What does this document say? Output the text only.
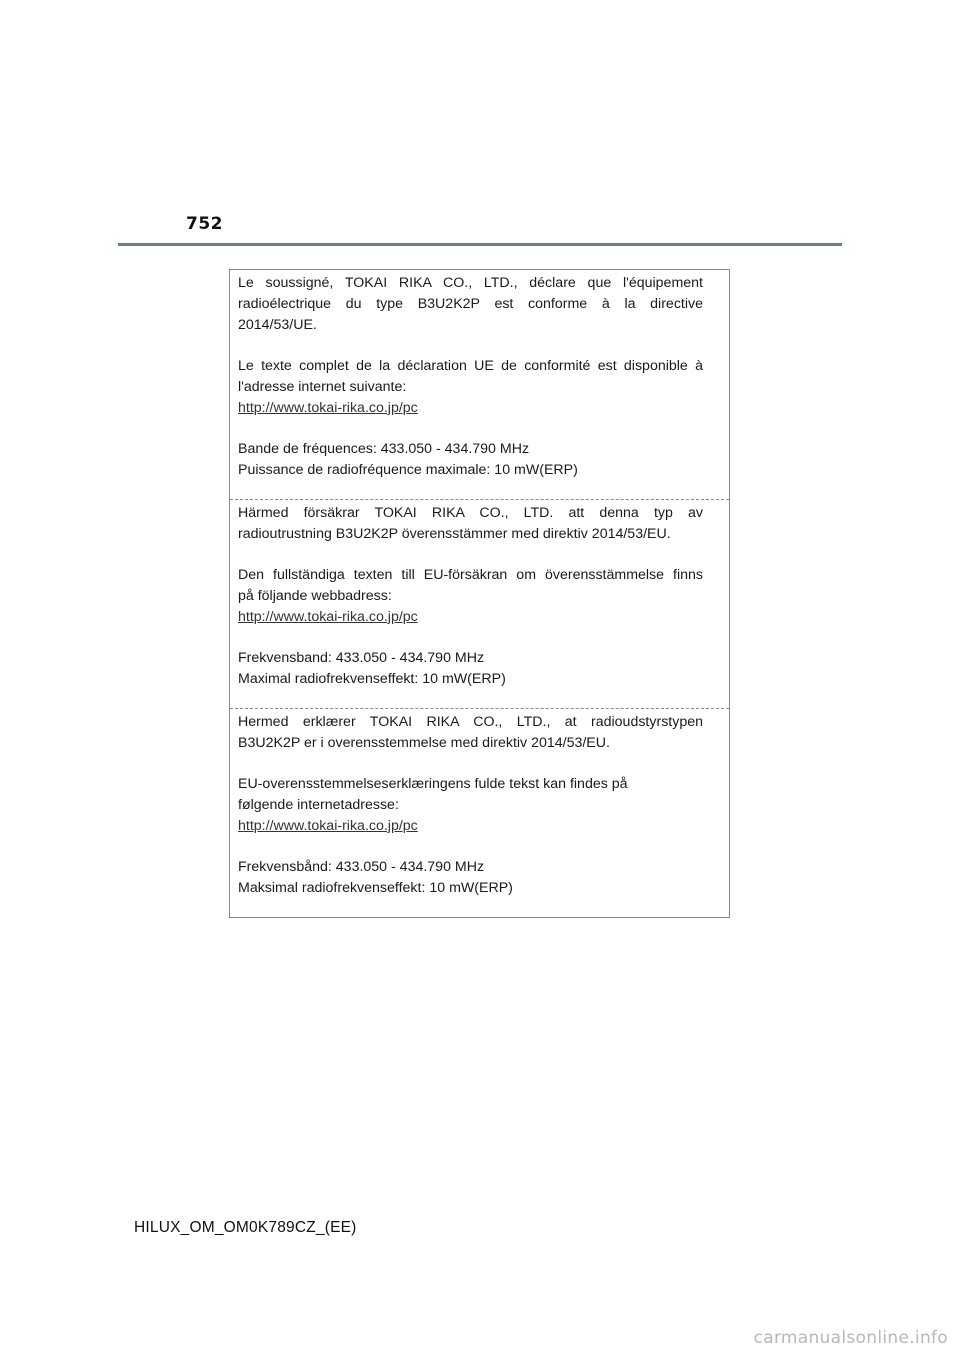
752

Le soussigné, TOKAI RIKA CO., LTD., déclare que l'équipement
radioélectrique du type B3U2K2P est conforme à la directive
2014/53/UE.

Le texte complet de la déclaration UE de conformité est disponible à
l'adresse internet suivante:
http://www.tokai-rika.co.jp/pc

Bande de fréquences: 433.050 - 434.790 MHz
Puissance de radiofréquence maximale: 10 mW(ERP)

Härmed försäkrar TOKAI RIKA CO., LTD. att denna typ av
radioutrustning B3U2K2P överensstämmer med direktiv 2014/53/EU.

Den fullständiga texten till EU-försäkran om överensstämmelse finns
på följande webbadress:
http://www.tokai-rika.co.jp/pc

Frekvensband: 433.050 - 434.790 MHz
Maximal radiofrekvenseffekt: 10 mW(ERP)

Hermed erklærer TOKAI RIKA CO., LTD., at radioudstyrstypen
B3U2K2P er i overensstemmelse med direktiv 2014/53/EU.

EU-overensstemmelseserklæringens fulde tekst kan findes på
følgende internetadresse:
http://www.tokai-rika.co.jp/pc

Frekvensbånd: 433.050 - 434.790 MHz
Maksimal radiofrekvenseffekt: 10 mW(ERP)

HILUX_OM_OM0K789CZ_(EE)
carmanualsonline.info
